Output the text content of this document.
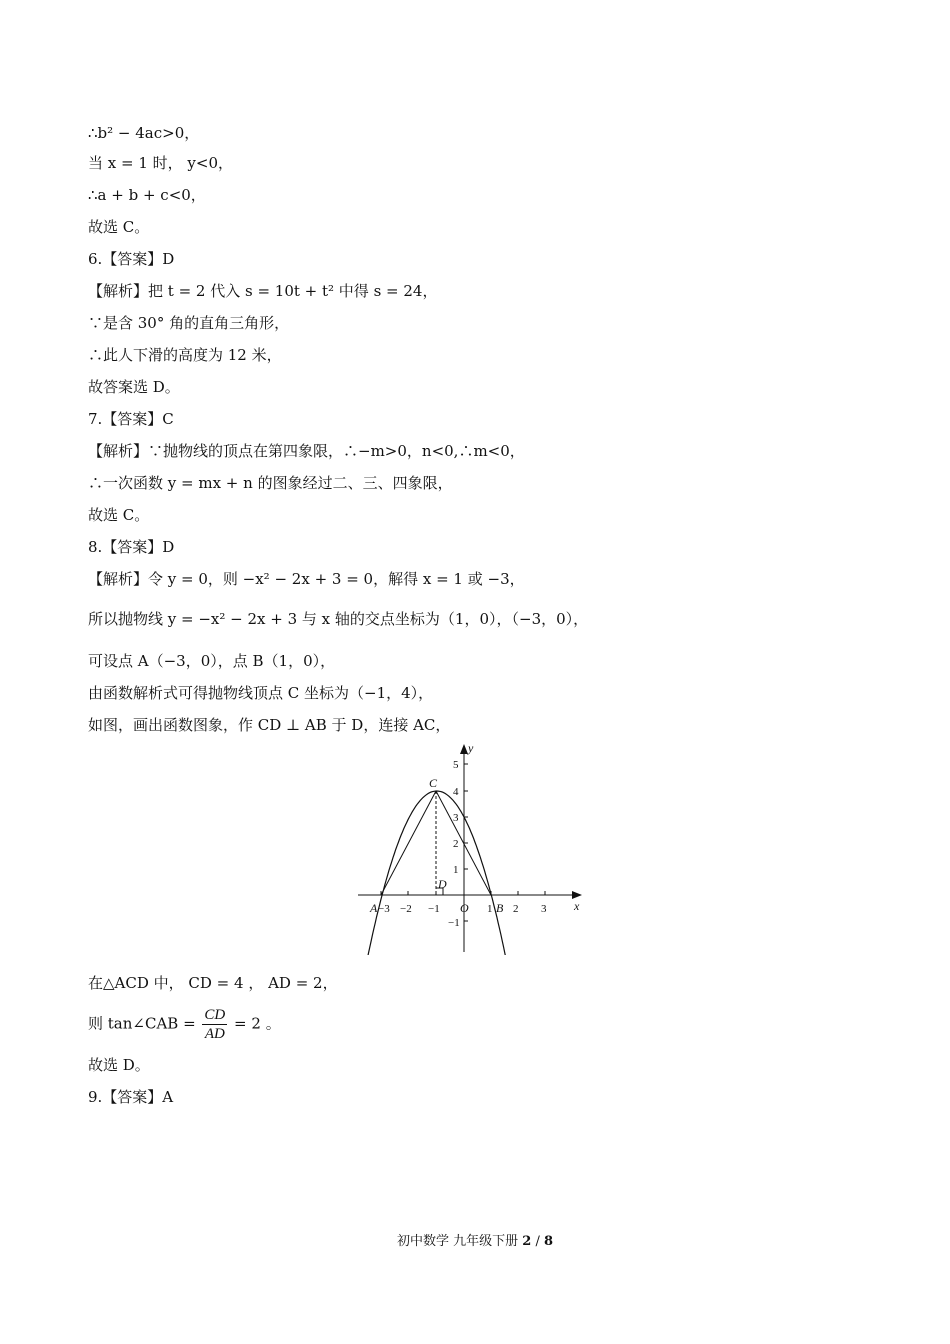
∴b² − 4ac>0，
当 x = 1 时， y<0，
∴a + b + c<0，
故选 C。
6.【答案】D
【解析】把 t = 2 代入 s = 10t + t² 中得 s = 24，
∵是含 30° 角的直角三角形，
∴此人下滑的高度为 12 米，
故答案选 D。
7.【答案】C
【解析】∵抛物线的顶点在第四象限，∴−m>0，n<0,∴m<0，
∴一次函数 y = mx + n 的图象经过二、三、四象限，
故选 C。
8.【答案】D
【解析】令 y = 0，则 −x² − 2x + 3 = 0，解得 x = 1 或 −3，
所以抛物线 y = −x² − 2x + 3 与 x 轴的交点坐标为（1，0），（−3，0），
可设点 A（−3，0），点 B（1，0），
由函数解析式可得抛物线顶点 C 坐标为（−1，4），
如图，画出函数图象，作 CD ⊥ AB 于 D，连接 AC，
在△ACD 中， CD = 4 ， AD = 2，
故选 D。
9.【答案】A
则 tan∠CAB = $\frac{CD}{AD} = 2$ 。
A −3 −2 −1 O 1 B 2 3 x
5
4
3
2
1
−1
y
C
D
初中数学 九年级下册 2 / 8
